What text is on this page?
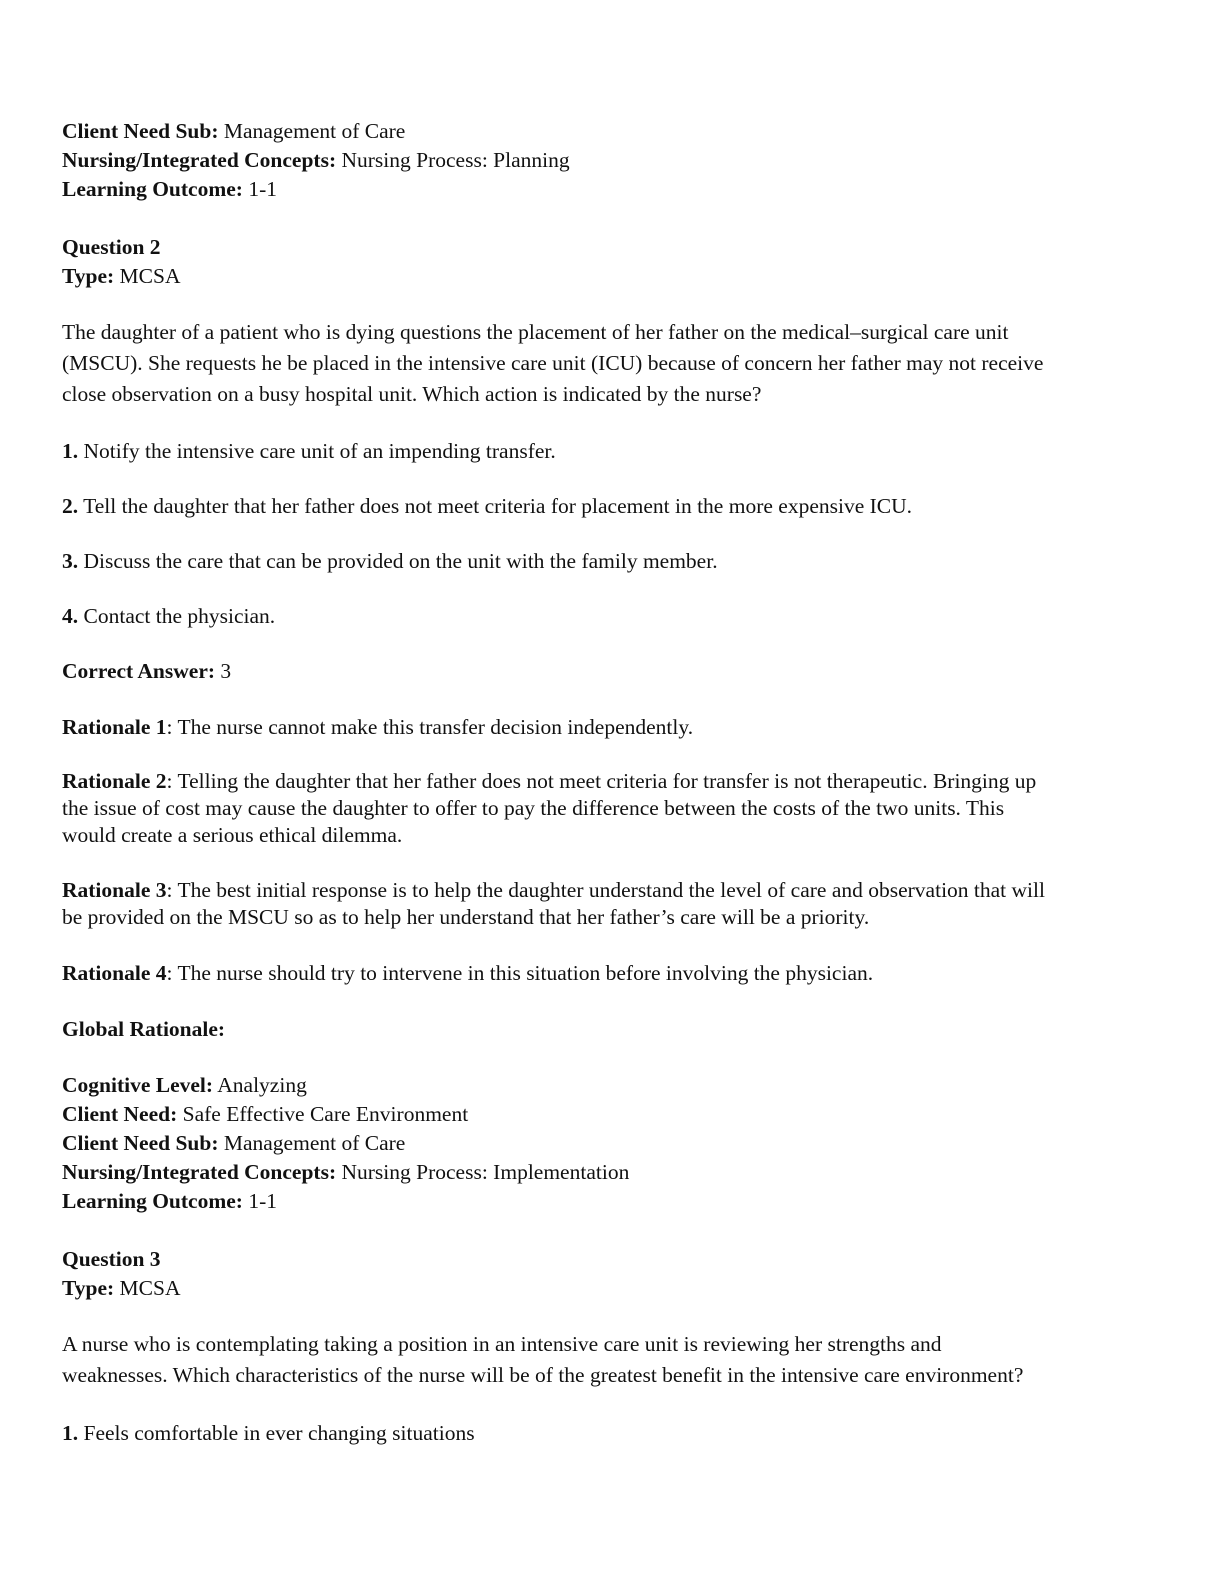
Client Need Sub: Management of Care
Nursing/Integrated Concepts: Nursing Process: Planning
Learning Outcome: 1-1
Question 2
Type: MCSA
The daughter of a patient who is dying questions the placement of her father on the medical–surgical care unit
(MSCU). She requests he be placed in the intensive care unit (ICU) because of concern her father may not receive
close observation on a busy hospital unit. Which action is indicated by the nurse?
1. Notify the intensive care unit of an impending transfer.
2. Tell the daughter that her father does not meet criteria for placement in the more expensive ICU.
3. Discuss the care that can be provided on the unit with the family member.
4. Contact the physician.
Correct Answer: 3
Rationale 1: The nurse cannot make this transfer decision independently.
Rationale 2: Telling the daughter that her father does not meet criteria for transfer is not therapeutic. Bringing up
the issue of cost may cause the daughter to offer to pay the difference between the costs of the two units. This
would create a serious ethical dilemma.
Rationale 3: The best initial response is to help the daughter understand the level of care and observation that will
be provided on the MSCU so as to help her understand that her father’s care will be a priority.
Rationale 4: The nurse should try to intervene in this situation before involving the physician.
Global Rationale:
Cognitive Level: Analyzing
Client Need: Safe Effective Care Environment
Client Need Sub: Management of Care
Nursing/Integrated Concepts: Nursing Process: Implementation
Learning Outcome: 1-1
Question 3
Type: MCSA
A nurse who is contemplating taking a position in an intensive care unit is reviewing her strengths and
weaknesses. Which characteristics of the nurse will be of the greatest benefit in the intensive care environment?
1. Feels comfortable in ever changing situations
